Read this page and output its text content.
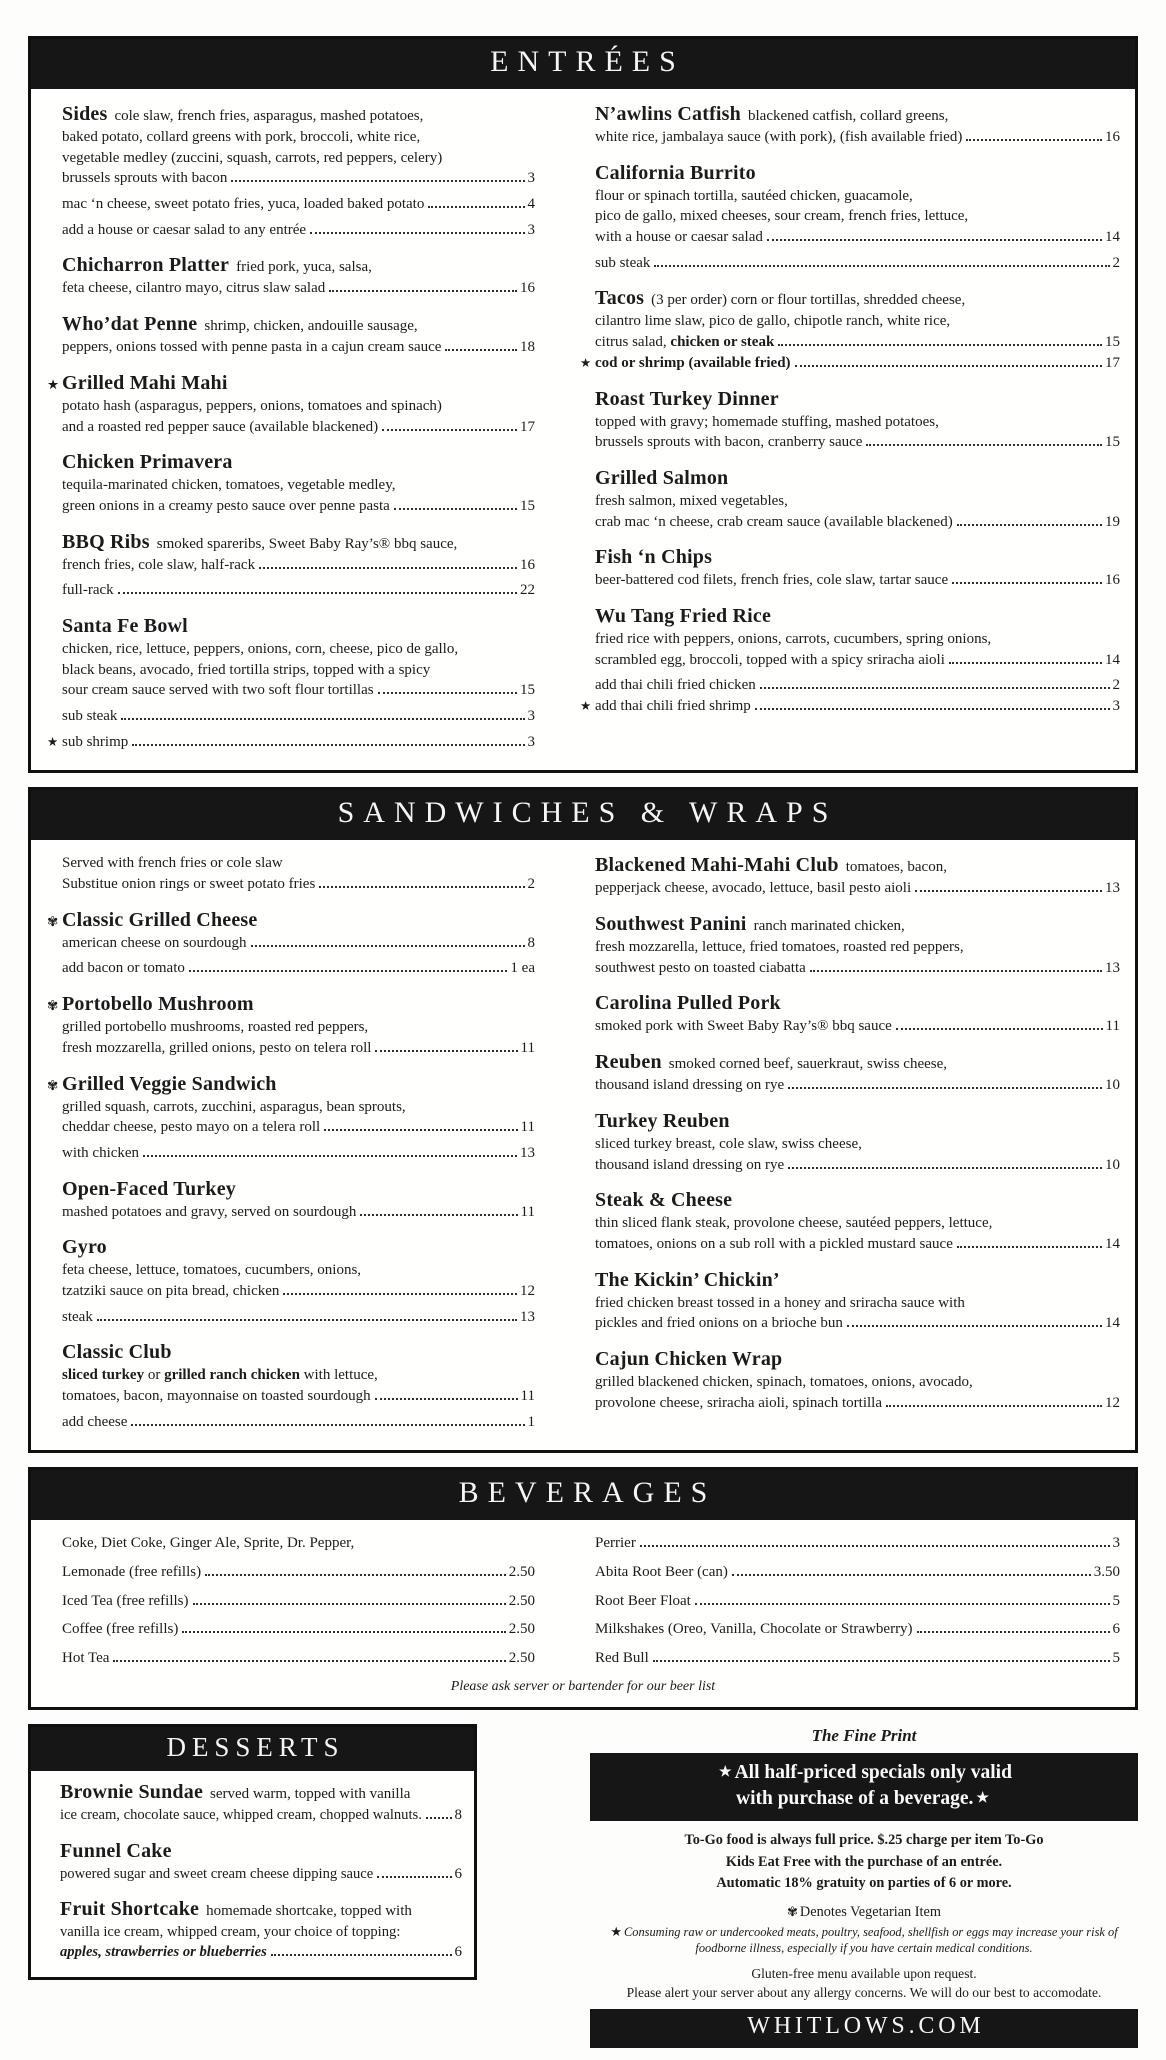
ENTRÉES
Sides cole slaw, french fries, asparagus, mashed potatoes,
baked potato, collard greens with pork, broccoli, white rice,
vegetable medley (zuccini, squash, carrots, red peppers, celery)
brussels sprouts with bacon	3
mac ‘n cheese, sweet potato fries, yuca, loaded baked potato	4
add a house or caesar salad to any entrée	3
Chicharron Platter fried pork, yuca, salsa,
feta cheese, cilantro mayo, citrus slaw salad	16
Who’dat Penne shrimp, chicken, andouille sausage,
peppers, onions tossed with penne pasta in a cajun cream sauce	18
★ Grilled Mahi Mahi
potato hash (asparagus, peppers, onions, tomatoes and spinach)
and a roasted red pepper sauce (available blackened)	17
Chicken Primavera
tequila-marinated chicken, tomatoes, vegetable medley,
green onions in a creamy pesto sauce over penne pasta	15
BBQ Ribs smoked spareribs, Sweet Baby Ray’s® bbq sauce,
french fries, cole slaw, half-rack	16
full-rack	22
Santa Fe Bowl
chicken, rice, lettuce, peppers, onions, corn, cheese, pico de gallo,
black beans, avocado, fried tortilla strips, topped with a spicy
sour cream sauce served with two soft flour tortillas	15
sub steak	3
★ sub shrimp	3
N’awlins Catfish blackened catfish, collard greens,
white rice, jambalaya sauce (with pork), (fish available fried)	16
California Burrito
flour or spinach tortilla, sautéed chicken, guacamole,
pico de gallo, mixed cheeses, sour cream, french fries, lettuce,
with a house or caesar salad	14
sub steak	2
Tacos (3 per order) corn or flour tortillas, shredded cheese,
cilantro lime slaw, pico de gallo, chipotle ranch, white rice,
citrus salad, chicken or steak	15
★ cod or shrimp (available fried)	17
Roast Turkey Dinner
topped with gravy; homemade stuffing, mashed potatoes,
brussels sprouts with bacon, cranberry sauce	15
Grilled Salmon
fresh salmon, mixed vegetables,
crab mac ‘n cheese, crab cream sauce (available blackened)	19
Fish ‘n Chips
beer-battered cod filets, french fries, cole slaw, tartar sauce	16
Wu Tang Fried Rice
fried rice with peppers, onions, carrots, cucumbers, spring onions,
scrambled egg, broccoli, topped with a spicy sriracha aioli	14
add thai chili fried chicken	2
★ add thai chili fried shrimp	3
SANDWICHES & WRAPS
Served with french fries or cole slaw
Substitue onion rings or sweet potato fries	2
✾ Classic Grilled Cheese
american cheese on sourdough	8
add bacon or tomato	1 ea
✾ Portobello Mushroom
grilled portobello mushrooms, roasted red peppers,
fresh mozzarella, grilled onions, pesto on telera roll	11
✾ Grilled Veggie Sandwich
grilled squash, carrots, zucchini, asparagus, bean sprouts,
cheddar cheese, pesto mayo on a telera roll	11
with chicken	13
Open-Faced Turkey
mashed potatoes and gravy, served on sourdough	11
Gyro
feta cheese, lettuce, tomatoes, cucumbers, onions,
tzatziki sauce on pita bread, chicken	12
steak	13
Classic Club
sliced turkey or grilled ranch chicken with lettuce,
tomatoes, bacon, mayonnaise on toasted sourdough	11
add cheese	1
Blackened Mahi-Mahi Club tomatoes, bacon,
pepperjack cheese, avocado, lettuce, basil pesto aioli	13
Southwest Panini ranch marinated chicken,
fresh mozzarella, lettuce, fried tomatoes, roasted red peppers,
southwest pesto on toasted ciabatta	13
Carolina Pulled Pork
smoked pork with Sweet Baby Ray’s® bbq sauce	11
Reuben smoked corned beef, sauerkraut, swiss cheese,
thousand island dressing on rye	10
Turkey Reuben
sliced turkey breast, cole slaw, swiss cheese,
thousand island dressing on rye	10
Steak & Cheese
thin sliced flank steak, provolone cheese, sautéed peppers, lettuce,
tomatoes, onions on a sub roll with a pickled mustard sauce	14
The Kickin’ Chickin’
fried chicken breast tossed in a honey and sriracha sauce with
pickles and fried onions on a brioche bun	14
Cajun Chicken Wrap
grilled blackened chicken, spinach, tomatoes, onions, avocado,
provolone cheese, sriracha aioli, spinach tortilla	12
BEVERAGES
Coke, Diet Coke, Ginger Ale, Sprite, Dr. Pepper,
Lemonade (free refills)	2.50
Iced Tea (free refills)	2.50
Coffee (free refills)	2.50
Hot Tea	2.50
Perrier	3
Abita Root Beer (can)	3.50
Root Beer Float	5
Milkshakes (Oreo, Vanilla, Chocolate or Strawberry)	6
Red Bull	5
Please ask server or bartender for our beer list
DESSERTS
Brownie Sundae served warm, topped with vanilla
ice cream, chocolate sauce, whipped cream, chopped walnuts. 8
Funnel Cake
powered sugar and sweet cream cheese dipping sauce	6
Fruit Shortcake homemade shortcake, topped with
vanilla ice cream, whipped cream, your choice of topping:
apples, strawberries or blueberries	6
The Fine Print
★ All half-priced specials only valid
with purchase of a beverage. ★
To-Go food is always full price. $.25 charge per item To-Go
Kids Eat Free with the purchase of an entrée.
Automatic 18% gratuity on parties of 6 or more.
✾ Denotes Vegetarian Item
★ Consuming raw or undercooked meats, poultry, seafood, shellfish or eggs may increase your risk of
foodborne illness, especially if you have certain medical conditions.
Gluten-free menu available upon request.
Please alert your server about any allergy concerns. We will do our best to accomodate.
WHITLOWS.COM
